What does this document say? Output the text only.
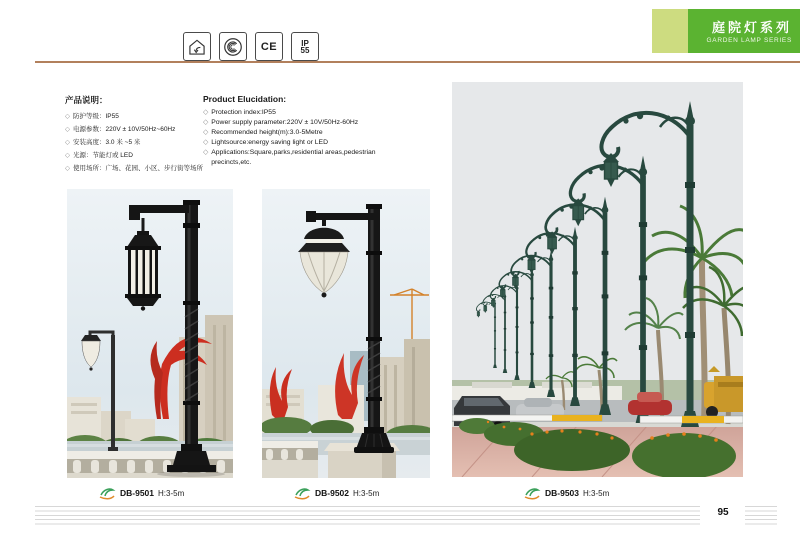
庭院灯系列
GARDEN LAMP SERIES
CE	IP
55
产品说明：
◇ 防护等级：IP55
◇ 电源参数：220V ± 10V/50Hz~60Hz
◇ 安装高度：3.0 米 ~5 米
◇ 光源：节能灯或 LED
◇ 使用场所：广场、花园、小区、步行街等场所
Product Elucidation:
◇ Protection index:IP55
◇ Power supply parameter:220V ± 10V/50Hz-60Hz
◇ Recommended height(m):3.0-5Metre
◇ Lightsource:energy saving light or LED
◇ Applications:Square,parks,residential areas,pedestrian precincts,etc.
DB-9501 H:3-5m	DB-9502 H:3-5m	DB-9503 H:3-5m
95
